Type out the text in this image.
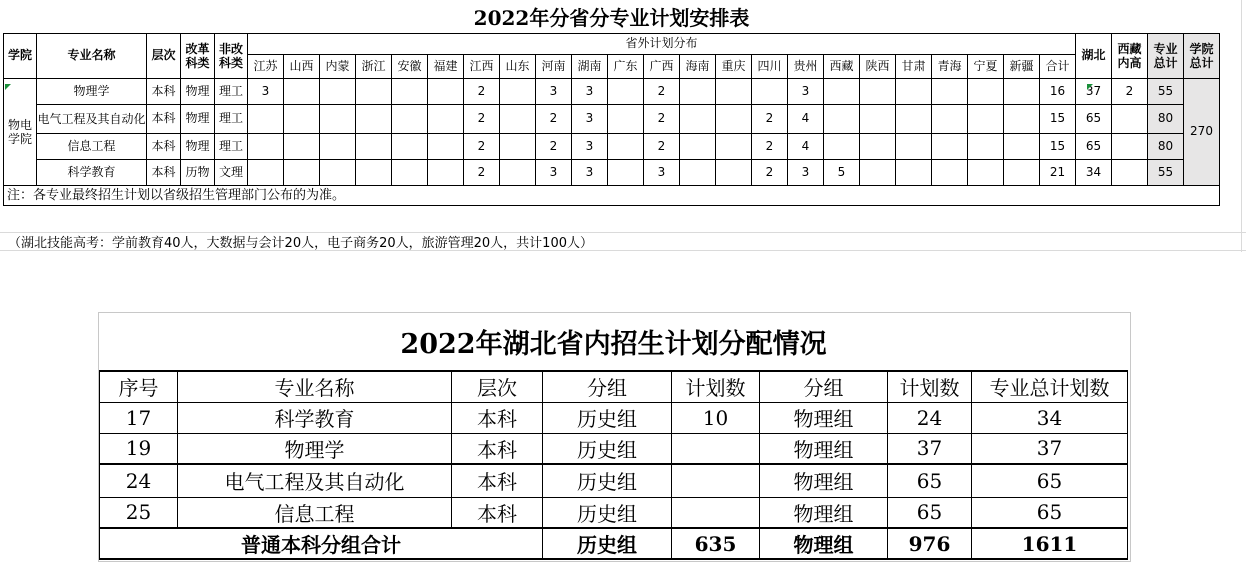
2022年分省分专业计划安排表																															
学院	专业名称	层次	改革科类	非改科类	省外计划分布																							湖北	西藏内高	专业总计	学院总计
					江苏	山西	内蒙	浙江	安徽	福建	江西	山东	河南	湖南	广东	广西	海南	重庆	四川	贵州	西藏	陕西	甘肃	青海	宁夏	新疆	合计				
物电学院	物理学	本科	物理	理工	3						2		3	3		2				3							16	37	2	55	270
	电气工程及其自动化	本科	物理	理工							2		2	3		2			2	4							15	65		80	
	信息工程	本科	物理	理工							2		2	3		2			2	4							15	65		80	
	科学教育	本科	历物	文理							2		3	3		3			2	3	5						21	34		55	
注：各专业最终招生计划以省级招生管理部门公布的为准。																															
（湖北技能高考：学前教育40人，大数据与会计20人，电子商务20人，旅游管理20人，共计100人）
2022年湖北省内招生计划分配情况							
序号	专业名称	层次	分组	计划数	分组	计划数	专业总计划数
17	科学教育	本科	历史组	10	物理组	24	34
19	物理学	本科	历史组		物理组	37	37
24	电气工程及其自动化	本科	历史组		物理组	65	65
25	信息工程	本科	历史组		物理组	65	65
普通本科分组合计			历史组	635	物理组	976	1611
